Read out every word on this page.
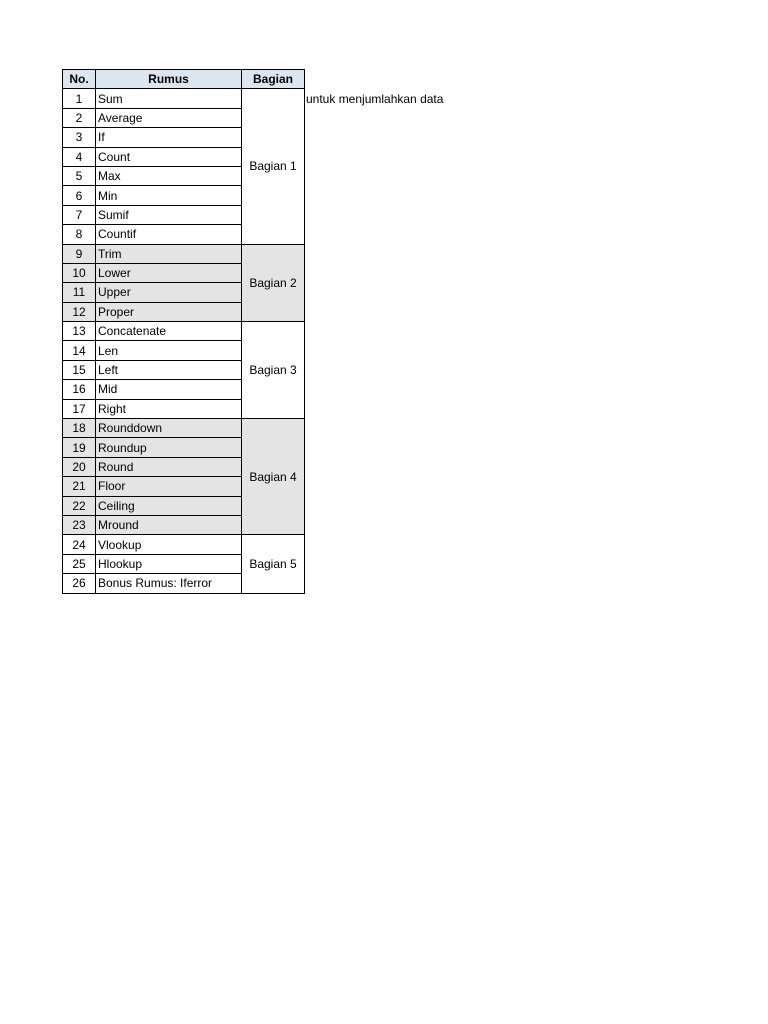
No.	Rumus	Bagian
1	Sum	Bagian 1
2	Average	
3	If	
4	Count	
5	Max	
6	Min	
7	Sumif	
8	Countif	
9	Trim	Bagian 2
10	Lower	
11	Upper	
12	Proper	
13	Concatenate	Bagian 3
14	Len	
15	Left	
16	Mid	
17	Right	
18	Rounddown	Bagian 4
19	Roundup	
20	Round	
21	Floor	
22	Ceiling	
23	Mround	
24	Vlookup	Bagian 5
25	Hlookup	
26	Bonus Rumus: Iferror	
untuk menjumlahkan data
